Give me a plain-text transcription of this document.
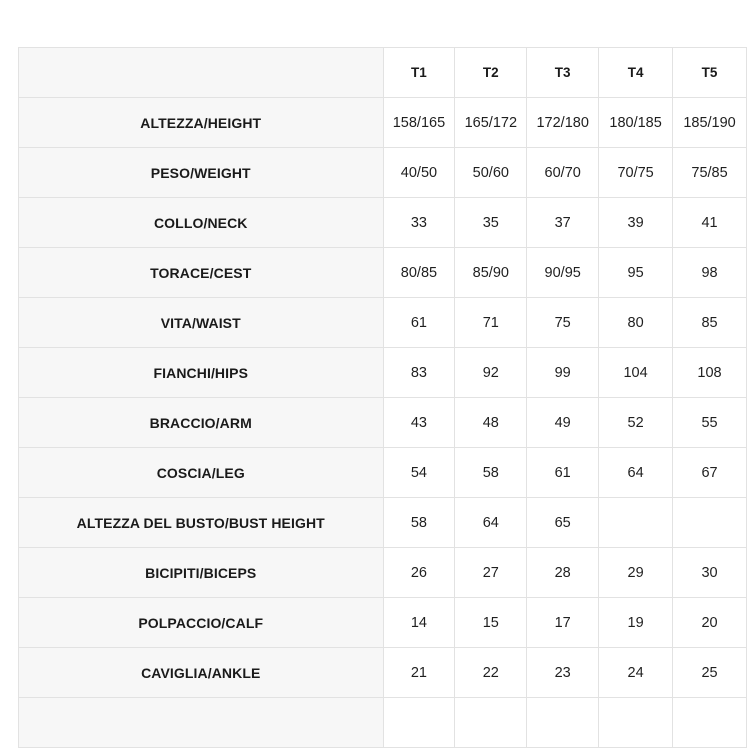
	T1	T2	T3	T4	T5
ALTEZZA/HEIGHT	158/165	165/172	172/180	180/185	185/190
PESO/WEIGHT	40/50	50/60	60/70	70/75	75/85
COLLO/NECK	33	35	37	39	41
TORACE/CEST	80/85	85/90	90/95	95	98
VITA/WAIST	61	71	75	80	85
FIANCHI/HIPS	83	92	99	104	108
BRACCIO/ARM	43	48	49	52	55
COSCIA/LEG	54	58	61	64	67
ALTEZZA DEL BUSTO/BUST HEIGHT	58	64	65		
BICIPITI/BICEPS	26	27	28	29	30
POLPACCIO/CALF	14	15	17	19	20
CAVIGLIA/ANKLE	21	22	23	24	25
